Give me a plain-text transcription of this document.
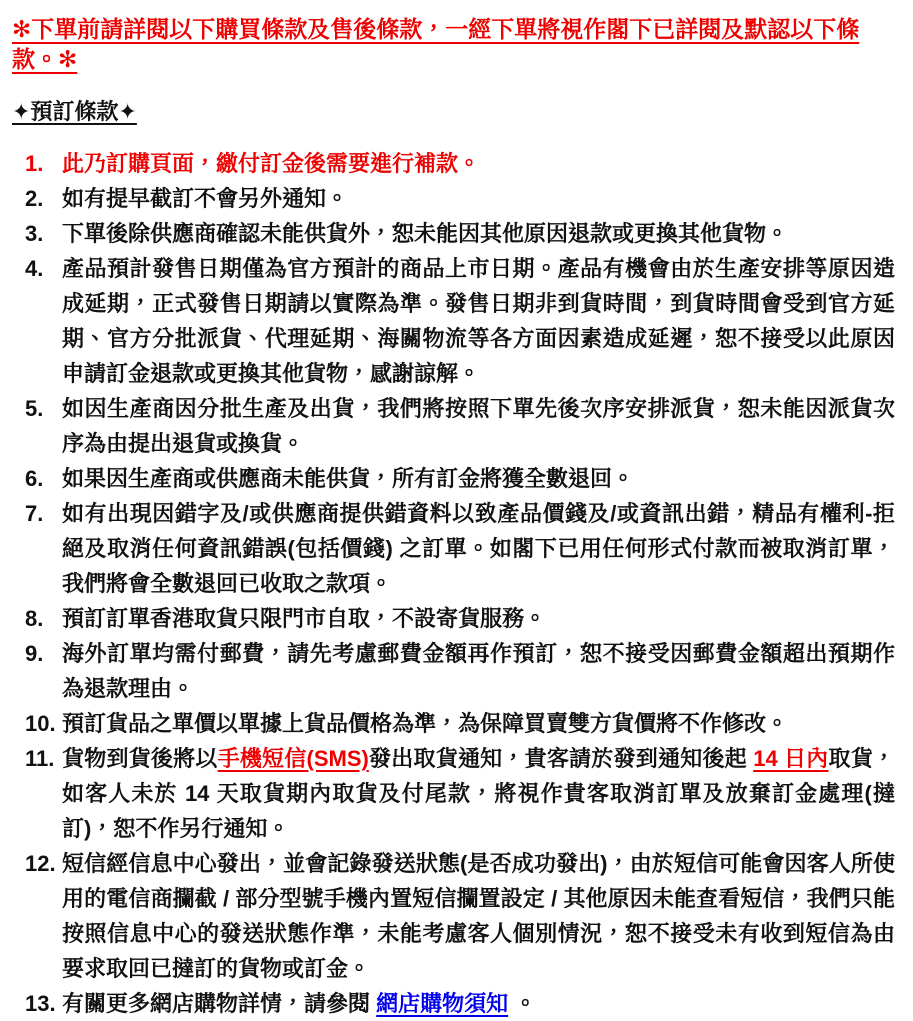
✻下單前請詳閱以下購買條款及售後條款，一經下單將視作閣下已詳閱及默認以下條款。✻
✦預訂條款✦
1. 此乃訂購頁面，繳付訂金後需要進行補款。
2. 如有提早截訂不會另外通知。
3. 下單後除供應商確認未能供貨外，恕未能因其他原因退款或更換其他貨物。
4. 產品預計發售日期僅為官方預計的商品上市日期。產品有機會由於生產安排等原因造成延期，正式發售日期請以實際為準。發售日期非到貨時間，到貨時間會受到官方延期、官方分批派貨、代理延期、海關物流等各方面因素造成延遲，恕不接受以此原因申請訂金退款或更換其他貨物，感謝諒解。
5. 如因生產商因分批生產及出貨，我們將按照下單先後次序安排派貨，恕未能因派貨次序為由提出退貨或換貨。
6. 如果因生產商或供應商未能供貨，所有訂金將獲全數退回。
7. 如有出現因錯字及/或供應商提供錯資料以致產品價錢及/或資訊出錯，精品有權利-拒絕及取消任何資訊錯誤(包括價錢) 之訂單。如閣下已用任何形式付款而被取消訂單，我們將會全數退回已收取之款項。
8. 預訂訂單香港取貨只限門市自取，不設寄貨服務。
9. 海外訂單均需付郵費，請先考慮郵費金額再作預訂，恕不接受因郵費金額超出預期作為退款理由。
10. 預訂貨品之單價以單據上貨品價格為準，為保障買賣雙方貨價將不作修改。
11. 貨物到貨後將以手機短信(SMS)發出取貨通知，貴客請於發到通知後起 14 日內取貨，如客人未於 14 天取貨期內取貨及付尾款，將視作貴客取消訂單及放棄訂金處理(撻訂)，恕不作另行通知。
12. 短信經信息中心發出，並會記錄發送狀態(是否成功發出)，由於短信可能會因客人所使用的電信商攔截 / 部分型號手機內置短信攔置設定 / 其他原因未能查看短信，我們只能按照信息中心的發送狀態作準，未能考慮客人個別情況，恕不接受未有收到短信為由要求取回已撻訂的貨物或訂金。
13. 有關更多網店購物詳情，請參閱 網店購物須知 。
